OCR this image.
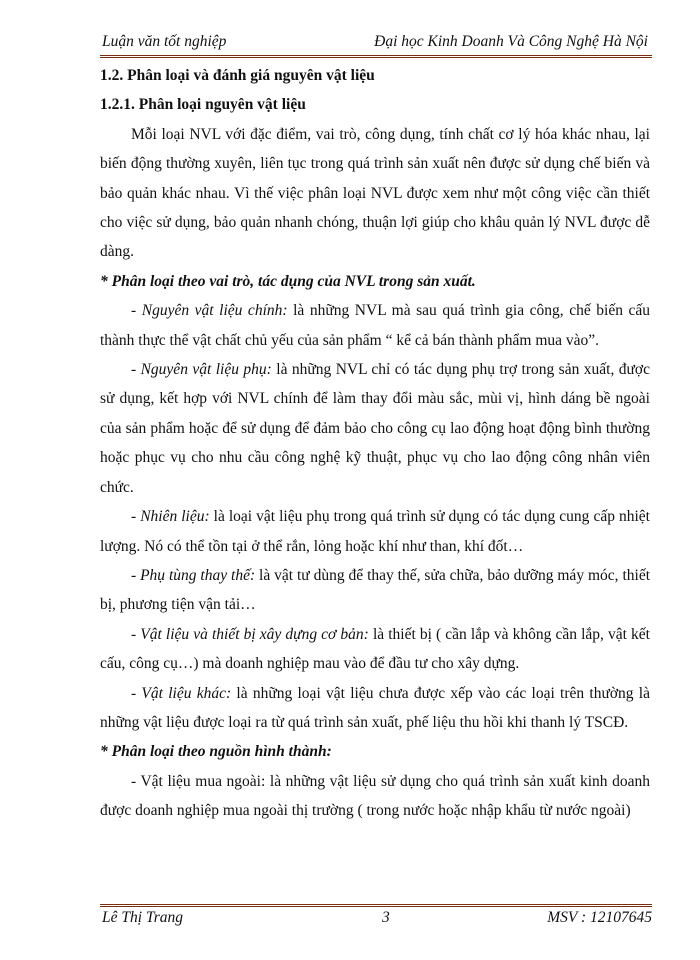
Luận văn tốt nghiệp	Đại học Kinh Doanh Và Công Nghệ Hà Nội

1.2. Phân loại và đánh giá nguyên vật liệu

1.2.1. Phân loại nguyên vật liệu

Mỗi loại NVL với đặc điểm, vai trò, công dụng, tính chất cơ lý hóa khác nhau, lại biến động thường xuyên, liên tục trong quá trình sản xuất nên được sử dụng chế biến và bảo quản khác nhau. Vì thế việc phân loại NVL được xem như một công việc cần thiết cho việc sử dụng, bảo quản nhanh chóng, thuận lợi giúp cho khâu quản lý NVL được dễ dàng.

* Phân loại theo vai trò, tác dụng của NVL trong sản xuất.

- Nguyên vật liệu chính: là những NVL mà sau quá trình gia công, chế biến cấu thành thực thể vật chất chủ yếu của sản phẩm “ kể cả bán thành phẩm mua vào”.

- Nguyên vật liệu phụ: là những NVL chỉ có tác dụng phụ trợ trong sản xuất, được sử dụng, kết hợp với NVL chính để làm thay đổi màu sắc, mùi vị, hình dáng bề ngoài của sản phẩm hoặc để sử dụng để đảm bảo cho công cụ lao động hoạt động bình thường hoặc phục vụ cho nhu cầu công nghệ kỹ thuật, phục vụ cho lao động công nhân viên chức.

- Nhiên liệu: là loại vật liệu phụ trong quá trình sử dụng có tác dụng cung cấp nhiệt lượng. Nó có thể tồn tại ở thể rắn, lỏng hoặc khí như than, khí đốt…

- Phụ tùng thay thế: là vật tư dùng để thay thế, sửa chữa, bảo dưỡng máy móc, thiết bị, phương tiện vận tải…

- Vật liệu và thiết bị xây dựng cơ bản: là thiết bị ( cần lắp và không cần lắp, vật kết cấu, công cụ…) mà doanh nghiệp mau vào để đầu tư cho xây dựng.

- Vật liệu khác: là những loại vật liệu chưa được xếp vào các loại trên thường là những vật liệu được loại ra từ quá trình sản xuất, phế liệu thu hồi khi thanh lý TSCĐ.

* Phân loại theo nguồn hình thành:

- Vật liệu mua ngoài: là những vật liệu sử dụng cho quá trình sản xuất kinh doanh được doanh nghiệp mua ngoài thị trường ( trong nước hoặc nhập khẩu từ nước ngoài)

Lê Thị Trang	3	MSV : 12107645
